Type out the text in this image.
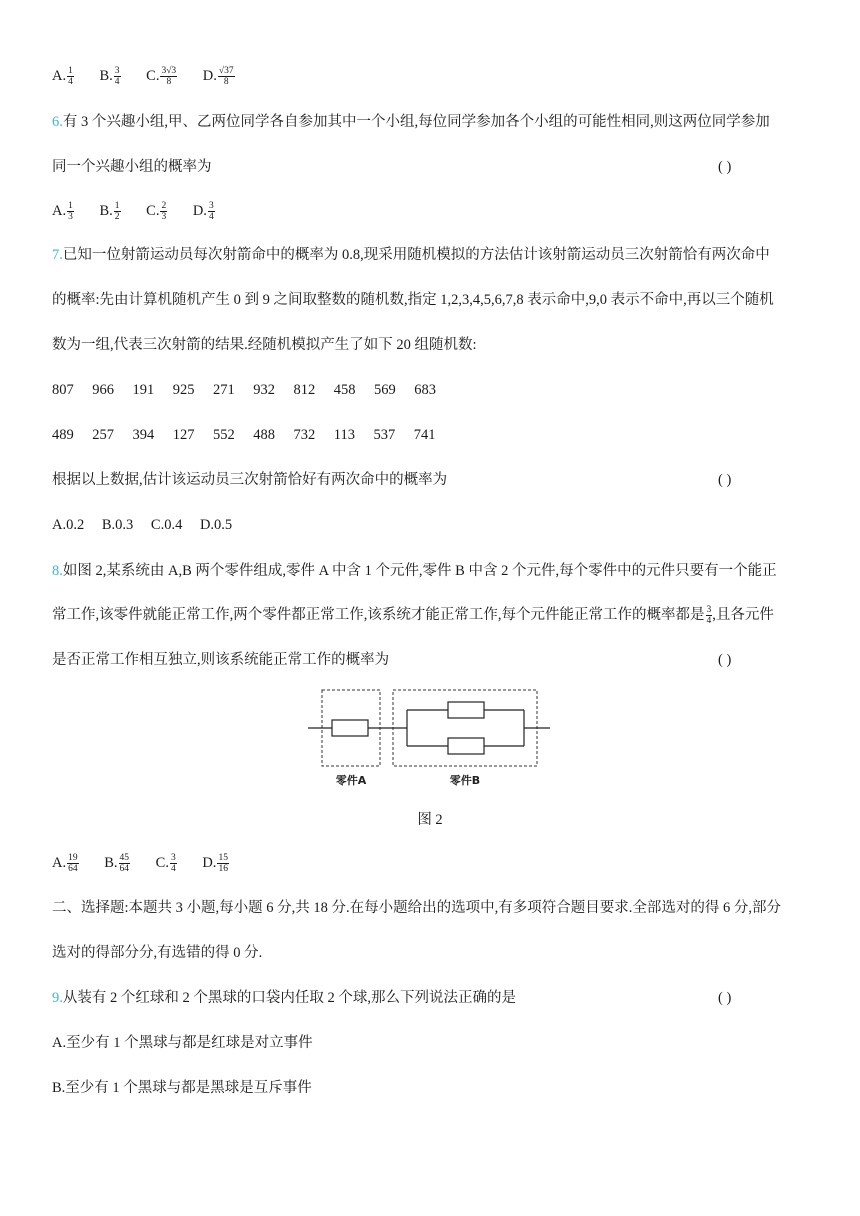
A. $\frac{1}{4} B$. $\frac{3}{4} C$. $\frac{3√3}{8} D$. $\frac{√37}{8}$
6.有 3 个兴趣小组,甲、乙两位同学各自参加其中一个小组,每位同学参加各个小组的可能性相同,则这两位同学参加
同一个兴趣小组的概率为	( )
A. $\frac{1}{3} B$. $\frac{1}{2} C$. $\frac{2}{3} D$. $\frac{3}{4}$
7.已知一位射箭运动员每次射箭命中的概率为 0.8,现采用随机模拟的方法估计该射箭运动员三次射箭恰有两次命中
的概率:先由计算机随机产生 0 到 9 之间取整数的随机数,指定 1,2,3,4,5,6,7,8 表示命中,9,0 表示不命中,再以三个随机
数为一组,代表三次射箭的结果.经随机模拟产生了如下 20 组随机数:
807 966 191 925 271 932 812 458 569 683
489 257 394 127 552 488 732 113 537 741
根据以上数据,估计该运动员三次射箭恰好有两次命中的概率为	( )
A.0.2 B.0.3 C.0.4 D.0.5
8.如图 2,某系统由 A,B 两个零件组成,零件 A 中含 1 个元件,零件 B 中含 2 个元件,每个零件中的元件只要有一个能正
常工作,该零件就能正常工作,两个零件都正常工作,该系统才能正常工作,每个元件能正常工作的概率都是 $\frac{3}{4}$ ,且各元件
是否正常工作相互独立,则该系统能正常工作的概率为	( )
零件A	零件B
图 2
A. $\frac{19}{64} B$. $\frac{45}{64} C$. $\frac{3}{4} D$. $\frac{15}{16}$
二、选择题:本题共 3 小题,每小题 6 分,共 18 分.在每小题给出的选项中,有多项符合题目要求.全部选对的得 6 分,部分
选对的得部分分,有选错的得 0 分.
9.从装有 2 个红球和 2 个黑球的口袋内任取 2 个球,那么下列说法正确的是	( )
A.至少有 1 个黑球与都是红球是对立事件
B.至少有 1 个黑球与都是黑球是互斥事件
